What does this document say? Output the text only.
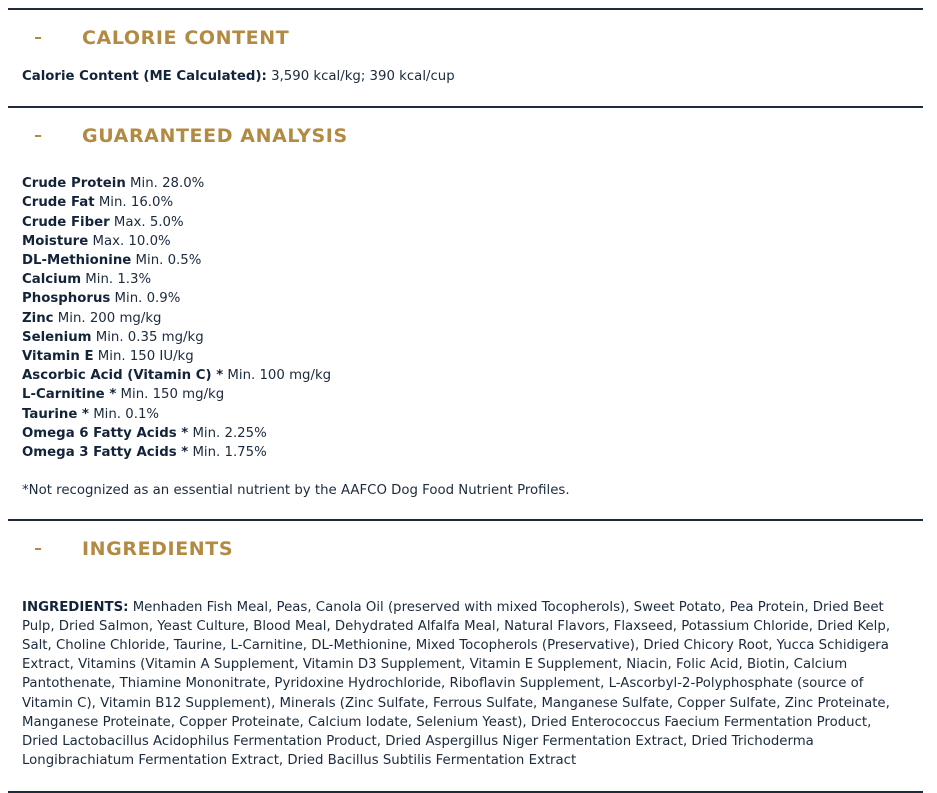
CALORIE CONTENT
Calorie Content (ME Calculated): 3,590 kcal/kg; 390 kcal/cup
GUARANTEED ANALYSIS
Crude Protein Min. 28.0%
Crude Fat Min. 16.0%
Crude Fiber Max. 5.0%
Moisture Max. 10.0%
DL-Methionine Min. 0.5%
Calcium Min. 1.3%
Phosphorus Min. 0.9%
Zinc Min. 200 mg/kg
Selenium Min. 0.35 mg/kg
Vitamin E Min. 150 IU/kg
Ascorbic Acid (Vitamin C) * Min. 100 mg/kg
L-Carnitine * Min. 150 mg/kg
Taurine * Min. 0.1%
Omega 6 Fatty Acids * Min. 2.25%
Omega 3 Fatty Acids * Min. 1.75%
*Not recognized as an essential nutrient by the AAFCO Dog Food Nutrient Profiles.
INGREDIENTS

INGREDIENTS: Menhaden Fish Meal, Peas, Canola Oil (preserved with mixed Tocopherols), Sweet Potato, Pea Protein, Dried Beet
Pulp, Dried Salmon, Yeast Culture, Blood Meal, Dehydrated Alfalfa Meal, Natural Flavors, Flaxseed, Potassium Chloride, Dried Kelp,
Salt, Choline Chloride, Taurine, L-Carnitine, DL-Methionine, Mixed Tocopherols (Preservative), Dried Chicory Root, Yucca Schidigera
Extract, Vitamins (Vitamin A Supplement, Vitamin D3 Supplement, Vitamin E Supplement, Niacin, Folic Acid, Biotin, Calcium
Pantothenate, Thiamine Mononitrate, Pyridoxine Hydrochloride, Riboflavin Supplement, L-Ascorbyl-2-Polyphosphate (source of
Vitamin C), Vitamin B12 Supplement), Minerals (Zinc Sulfate, Ferrous Sulfate, Manganese Sulfate, Copper Sulfate, Zinc Proteinate,
Manganese Proteinate, Copper Proteinate, Calcium Iodate, Selenium Yeast), Dried Enterococcus Faecium Fermentation Product,
Dried Lactobacillus Acidophilus Fermentation Product, Dried Aspergillus Niger Fermentation Extract, Dried Trichoderma
Longibrachiatum Fermentation Extract, Dried Bacillus Subtilis Fermentation Extract
